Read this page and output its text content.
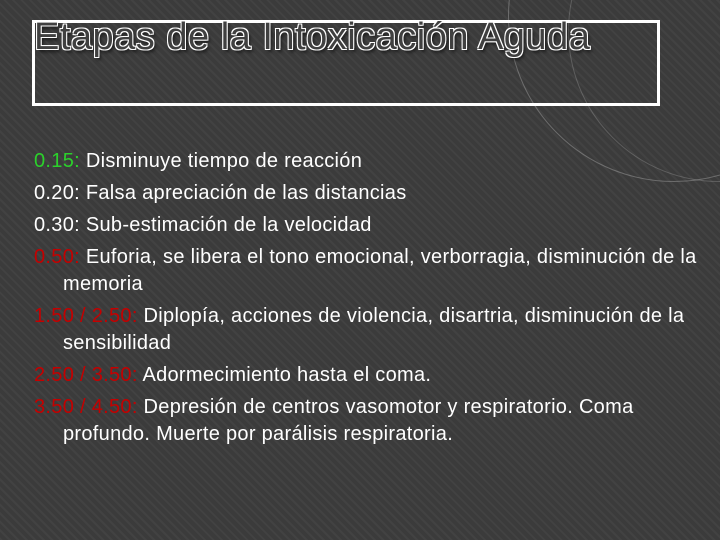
Etapas de la Intoxicación Aguda
0.15: Disminuye tiempo de reacción
0.20: Falsa apreciación de las distancias
0.30: Sub-estimación de la velocidad
0.50: Euforia, se libera el tono emocional, verborragia, disminución de la memoria
1.50 / 2.50: Diplopía, acciones de violencia, disartria, disminución de la sensibilidad
2.50 / 3.50: Adormecimiento hasta el coma.
3.50 / 4.50: Depresión de centros vasomotor y respiratorio. Coma profundo. Muerte por parálisis respiratoria.
